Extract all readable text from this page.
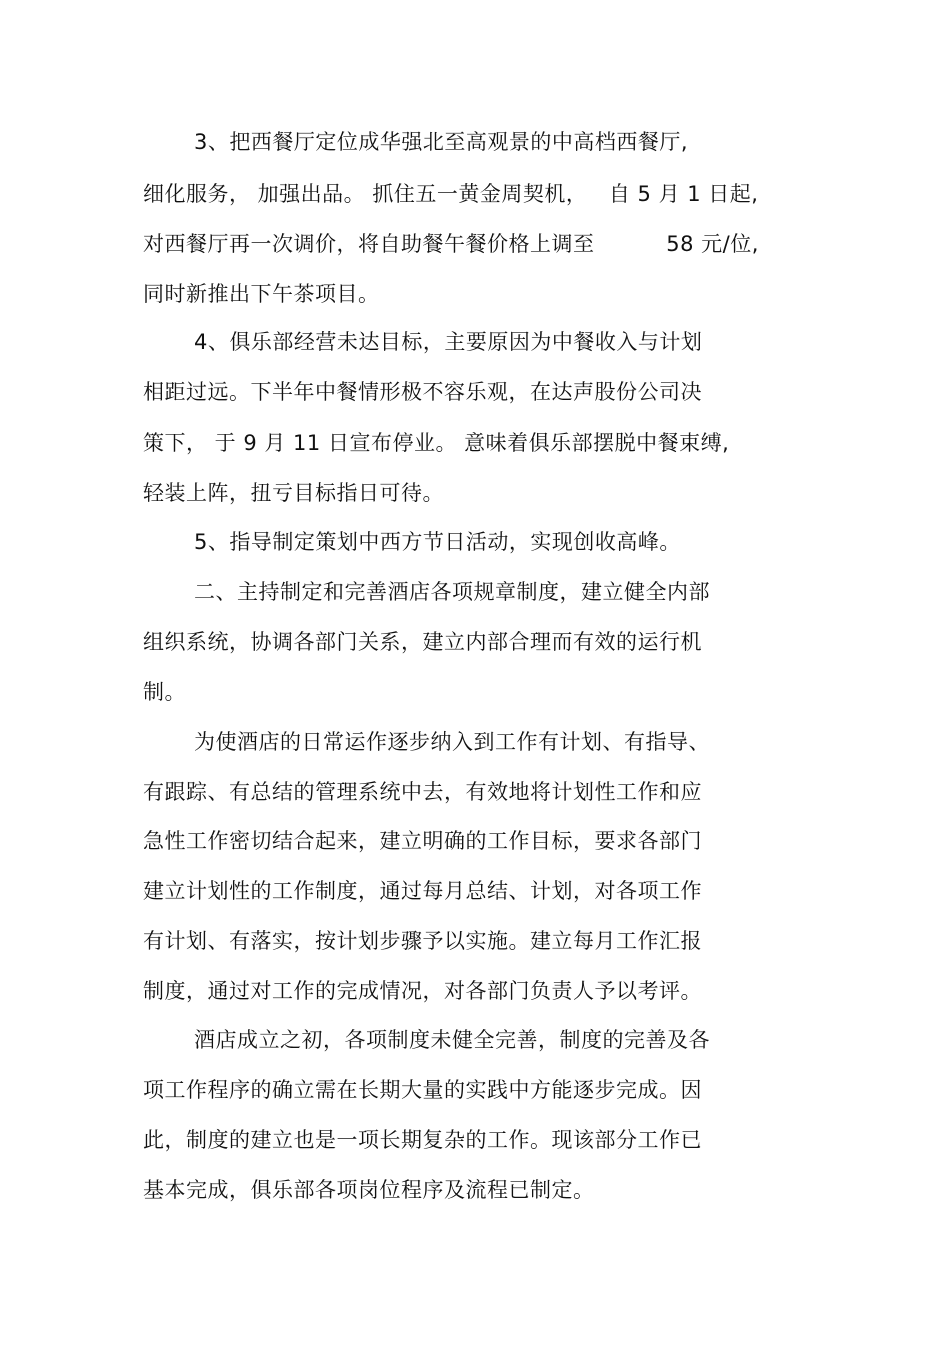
3、把西餐厅定位成华强北至高观景的中高档西餐厅,
细化服务， 加强出品。 抓住五一黄金周契机，   自 5 月 1 日起,
对西餐厅再一次调价，将自助餐午餐价格上调至          58 元/位,
同时新推出下午茶项目。
4、俱乐部经营未达目标，主要原因为中餐收入与计划
相距过远。下半年中餐情形极不容乐观，在达声股份公司决
策下， 于 9 月 11 日宣布停业。 意味着俱乐部摆脱中餐束缚,
轻装上阵，扭亏目标指日可待。
5、指导制定策划中西方节日活动，实现创收高峰。
二、主持制定和完善酒店各项规章制度，建立健全内部
组织系统，协调各部门关系，建立内部合理而有效的运行机
制。
为使酒店的日常运作逐步纳入到工作有计划、有指导、
有跟踪、有总结的管理系统中去，有效地将计划性工作和应
急性工作密切结合起来，建立明确的工作目标，要求各部门
建立计划性的工作制度，通过每月总结、计划，对各项工作
有计划、有落实，按计划步骤予以实施。建立每月工作汇报
制度，通过对工作的完成情况，对各部门负责人予以考评。
酒店成立之初，各项制度未健全完善，制度的完善及各
项工作程序的确立需在长期大量的实践中方能逐步完成。因
此，制度的建立也是一项长期复杂的工作。现该部分工作已
基本完成，俱乐部各项岗位程序及流程已制定。
